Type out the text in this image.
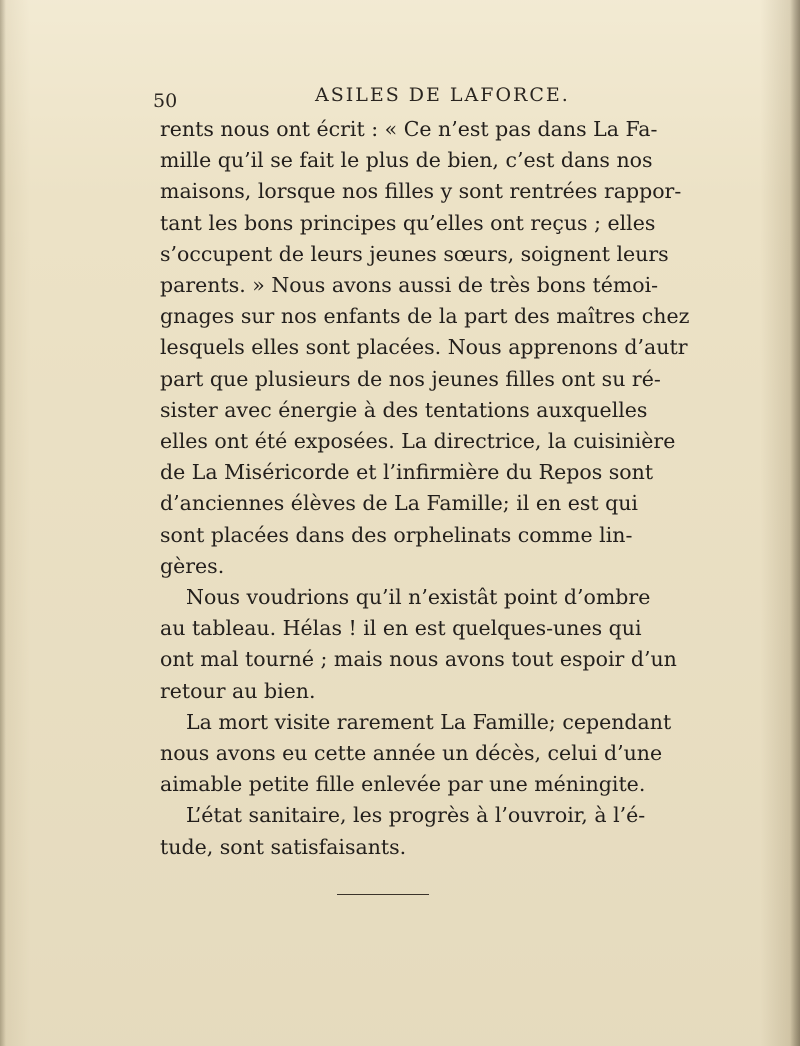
50	ASILES DE LAFORCE.
rents nous ont écrit : « Ce n’est pas dans La Fa-
mille qu’il se fait le plus de bien, c’est dans nos
maisons, lorsque nos filles y sont rentrées rappor-
tant les bons principes qu’elles ont reçus ; elles
s’occupent de leurs jeunes sœurs, soignent leurs
parents. » Nous avons aussi de très bons témoi-
gnages sur nos enfants de la part des maîtres chez
lesquels elles sont placées. Nous apprenons d’autr
part que plusieurs de nos jeunes filles ont su ré-
sister avec énergie à des tentations auxquelles
elles ont été exposées. La directrice, la cuisinière
de La Miséricorde et l’infirmière du Repos sont
d’anciennes élèves de La Famille; il en est qui
sont placées dans des orphelinats comme lin-
gères.
Nous voudrions qu’il n’existât point d’ombre
au tableau. Hélas ! il en est quelques-unes qui
ont mal tourné ; mais nous avons tout espoir d’un
retour au bien.
La mort visite rarement La Famille; cependant
nous avons eu cette année un décès, celui d’une
aimable petite fille enlevée par une méningite.
L’état sanitaire, les progrès à l’ouvroir, à l’é-
tude, sont satisfaisants.
